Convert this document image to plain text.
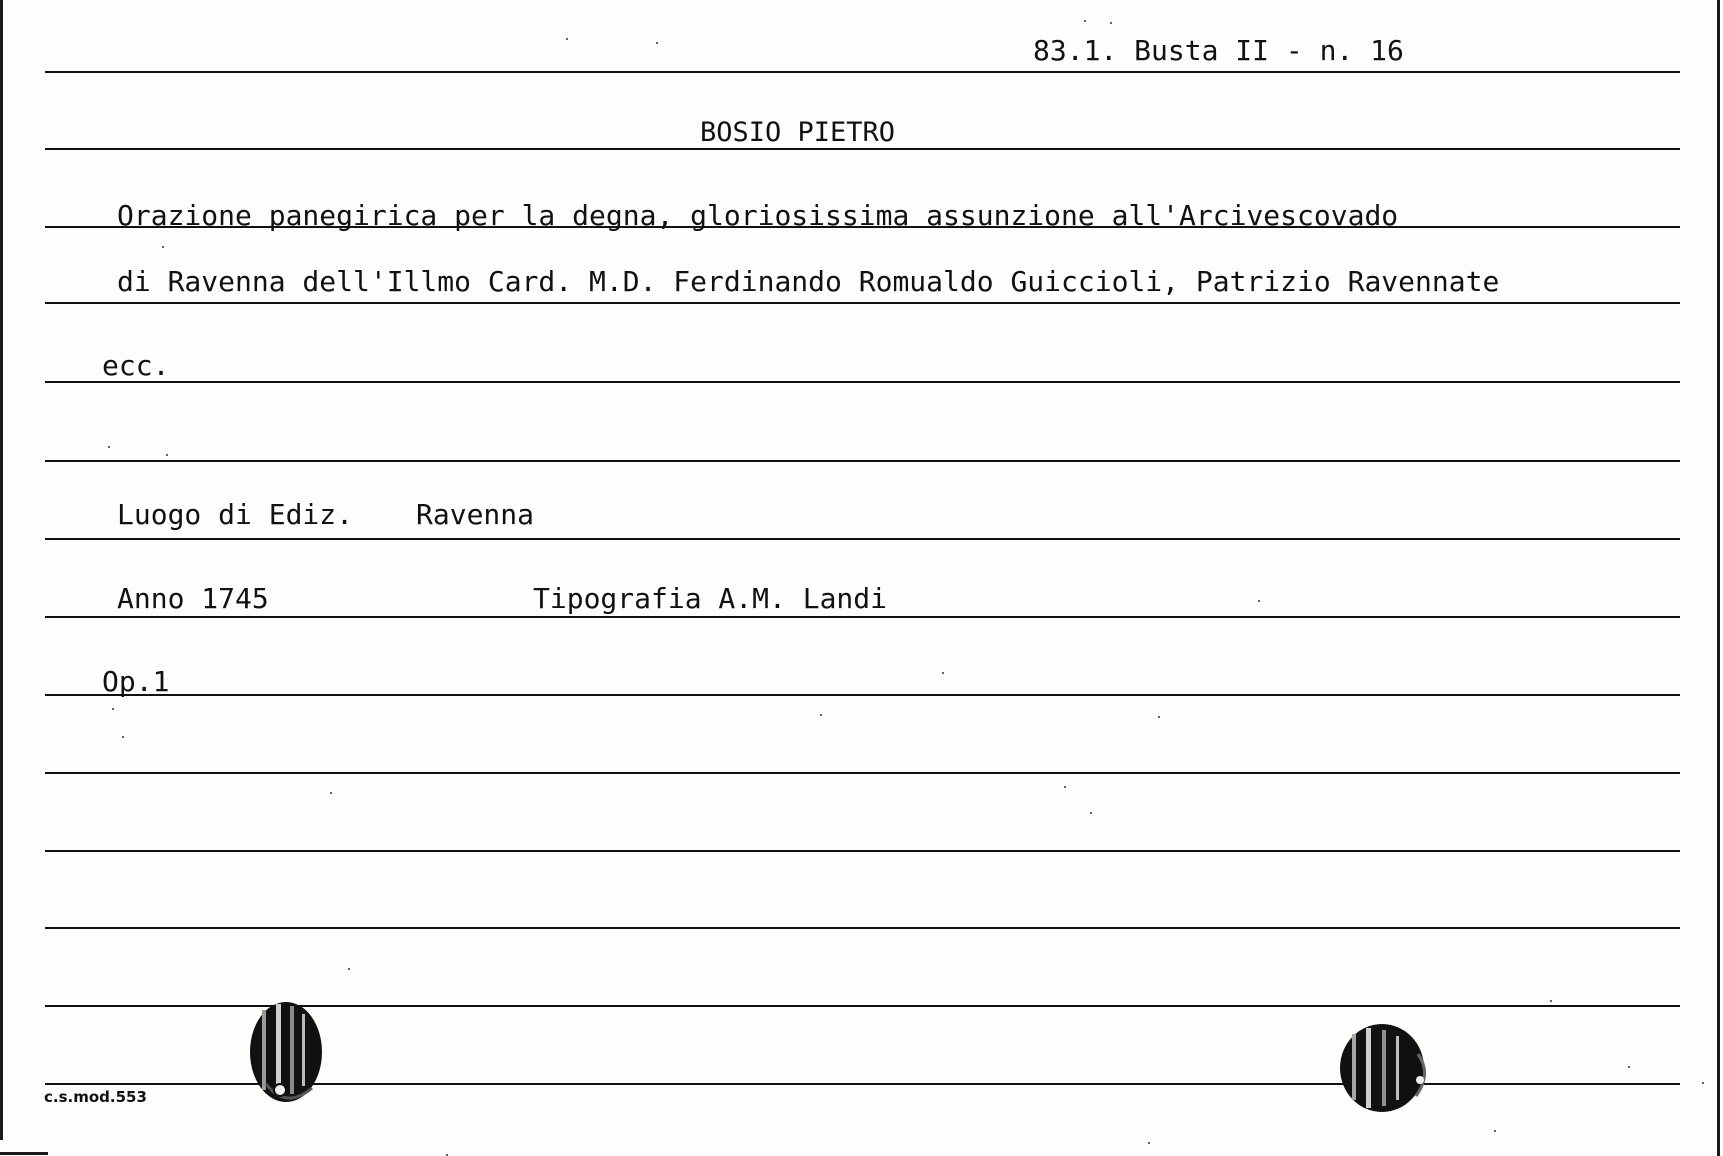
83.1. Busta II - n. 16

BOSIO PIETRO

Orazione panegirica per la degna, gloriosissima assunzione all'Arcivescovado

di Ravenna dell'Illmo Card. M.D. Ferdinando Romualdo Guiccioli, Patrizio Ravennate

ecc.

Luogo di Ediz. Ravenna

Anno 1745	Tipografia A.M. Landi

Op.1

c.s.mod.553
